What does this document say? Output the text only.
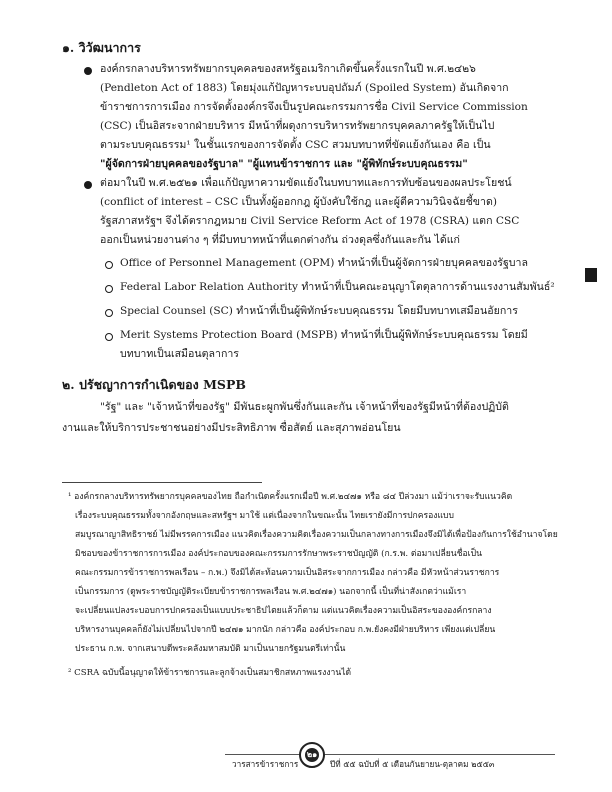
๑. วิวัฒนาการ
องค์กรกลางบริหารทรัพยากรบุคคลของสหรัฐอเมริกาเกิดขึ้นครั้งแรกในปี พ.ศ.๒๔๒๖
(Pendleton Act of 1883) โดยมุ่งแก้ปัญหาระบบอุปถัมภ์ (Spoiled System) อันเกิดจาก
ข้าราชการการเมือง การจัดตั้งองค์กรจึงเป็นรูปคณะกรรมการชื่อ Civil Service Commission
(CSC) เป็นอิสระจากฝ่ายบริหาร มีหน้าที่ผดุงการบริหารทรัพยากรบุคคลภาครัฐให้เป็นไป
ตามระบบคุณธรรม¹ ในชั้นแรกของการจัดตั้ง CSC สวมบทบาทที่ขัดแย้งกันเอง คือ เป็น
"ผู้จัดการฝ่ายบุคคลของรัฐบาล" "ผู้แทนข้าราชการ และ "ผู้พิทักษ์ระบบคุณธรรม"
ต่อมาในปี พ.ศ.๒๕๒๑ เพื่อแก้ปัญหาความขัดแย้งในบทบาทและการทับซ้อนของผลประโยชน์
(conflict of interest – CSC เป็นทั้งผู้ออกกฎ ผู้บังคับใช้กฎ และผู้ตีความวินิจฉัยชี้ขาด)
รัฐสภาสหรัฐฯ จึงได้ตรากฎหมาย Civil Service Reform Act of 1978 (CSRA) แตก CSC
ออกเป็นหน่วยงานต่าง ๆ ที่มีบทบาทหน้าที่แตกต่างกัน ถ่วงดุลซึ่งกันและกัน ได้แก่
Office of Personnel Management (OPM) ทำหน้าที่เป็นผู้จัดการฝ่ายบุคคลของรัฐบาล
Federal Labor Relation Authority ทำหน้าที่เป็นคณะอนุญาโตตุลาการด้านแรงงานสัมพันธ์²
Special Counsel (SC) ทำหน้าที่เป็นผู้พิทักษ์ระบบคุณธรรม โดยมีบทบาทเสมือนอัยการ
Merit Systems Protection Board (MSPB) ทำหน้าที่เป็นผู้พิทักษ์ระบบคุณธรรม โดยมี
บทบาทเป็นเสมือนตุลาการ
๒. ปรัชญาการกำเนิดของ MSPB
"รัฐ" และ "เจ้าหน้าที่ของรัฐ" มีพันธะผูกพันซึ่งกันและกัน เจ้าหน้าที่ของรัฐมีหน้าที่ต้องปฏิบัติ
งานและให้บริการประชาชนอย่างมีประสิทธิภาพ ซื่อสัตย์ และสุภาพอ่อนโยน
¹ องค์กรกลางบริหารทรัพยากรบุคคลของไทย ถือกำเนิดครั้งแรกเมื่อปี พ.ศ.๒๔๗๑ หรือ ๘๔ ปีล่วงมา แม้ว่าเราจะรับแนวคิด
เรื่องระบบคุณธรรมทั้งจากอังกฤษและสหรัฐฯ มาใช้ แต่เนื่องจากในขณะนั้น ไทยเรายังมีการปกครองแบบ
สมบูรณาญาสิทธิราชย์ ไม่มีพรรคการเมือง แนวคิดเรื่องความคิดเรื่องความเป็นกลางทางการเมืองจึงมิได้เพื่อป้องกันการใช้อำนาจโดย
มิชอบของข้าราชการการเมือง องค์ประกอบของคณะกรรมการรักษาพระราชบัญญัติ (ก.ร.พ. ต่อมาเปลี่ยนชื่อเป็น
คณะกรรมการข้าราชการพลเรือน – ก.พ.) จึงมิได้สะท้อนความเป็นอิสระจากการเมือง กล่าวคือ มีหัวหน้าส่วนราชการ
เป็นกรรมการ (ดูพระราชบัญญัติระเบียบข้าราชการพลเรือน พ.ศ.๒๔๗๑) นอกจากนี้ เป็นที่น่าสังเกตว่าแม้เรา
จะเปลี่ยนแปลงระบอบการปกครองเป็นแบบประชาธิปไตยแล้วก็ตาม แต่แนวคิดเรื่องความเป็นอิสระขององค์กรกลาง
บริหารงานบุคคลก็ยังไม่เปลี่ยนไปจากปี ๒๔๗๑ มากนัก กล่าวคือ องค์ประกอบ ก.พ.ยังคงมีฝ่ายบริหาร เพียงแต่เปลี่ยน
ประธาน ก.พ. จากเสนาบดีพระคลังมหาสมบัติ มาเป็นนายกรัฐมนตรีเท่านั้น
² CSRA ฉบับนี้อนุญาตให้ข้าราชการและลูกจ้างเป็นสมาชิกสหภาพแรงงานได้
วารสารข้าราชการ
๒๑
ปีที่ ๕๕ ฉบับที่ ๕ เดือนกันยายน-ตุลาคม ๒๕๕๓
